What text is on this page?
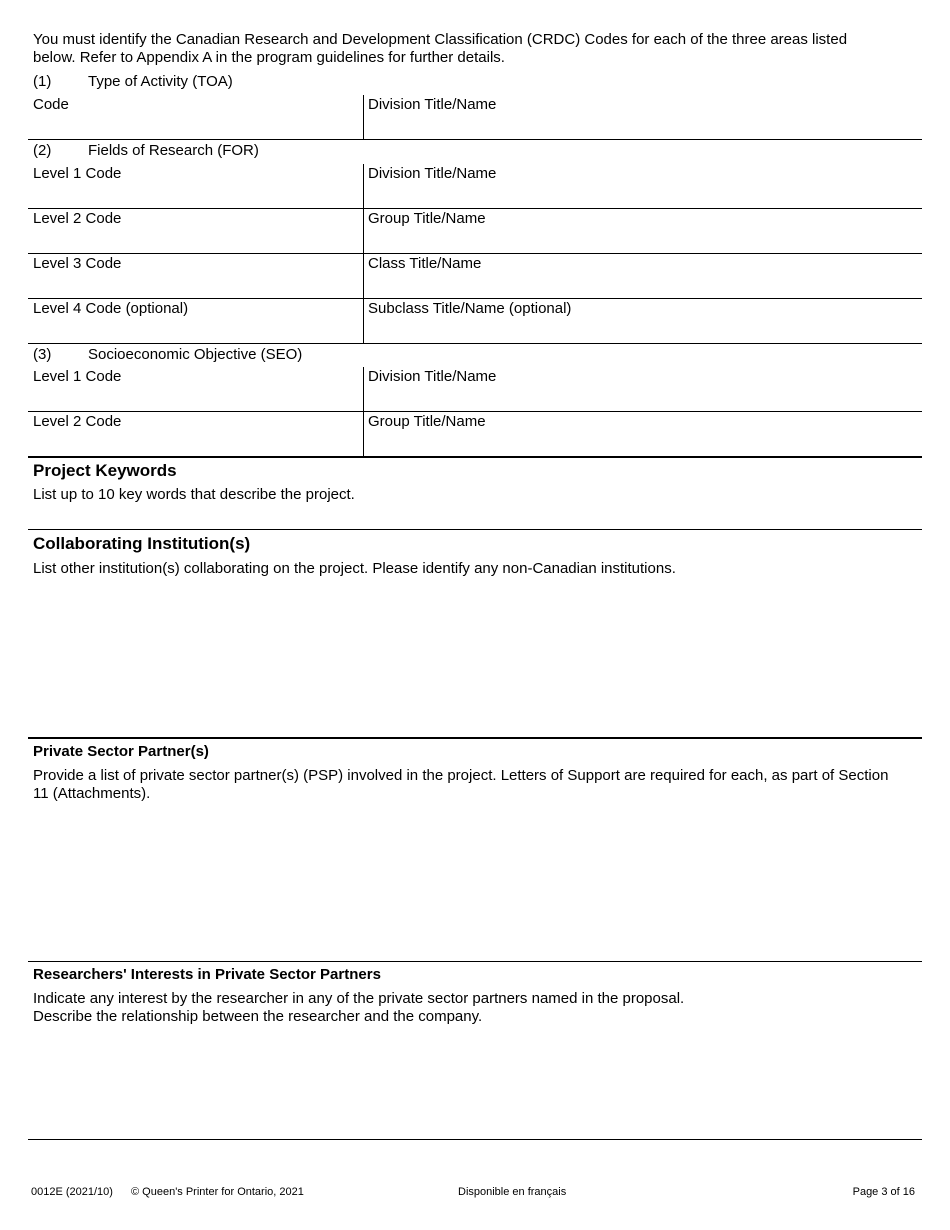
You must identify the Canadian Research and Development Classification (CRDC) Codes for each of the three areas listed
below. Refer to Appendix A in the program guidelines for further details.
(1) Type of Activity (TOA)
Code	Division Title/Name
(2) Fields of Research (FOR)
Level 1 Code	Division Title/Name
Level 2 Code	Group Title/Name
Level 3 Code	Class Title/Name
Level 4 Code (optional)	Subclass Title/Name (optional)
(3) Socioeconomic Objective (SEO)
Level 1 Code	Division Title/Name
Level 2 Code	Group Title/Name
Project Keywords
List up to 10 key words that describe the project.
Collaborating Institution(s)
List other institution(s) collaborating on the project. Please identify any non-Canadian institutions.
Private Sector Partner(s)
Provide a list of private sector partner(s) (PSP) involved in the project. Letters of Support are required for each, as part of Section
11 (Attachments).
Researchers' Interests in Private Sector Partners
Indicate any interest by the researcher in any of the private sector partners named in the proposal.
Describe the relationship between the researcher and the company.
0012E (2021/10) © Queen's Printer for Ontario, 2021	Disponible en français	Page 3 of 16
